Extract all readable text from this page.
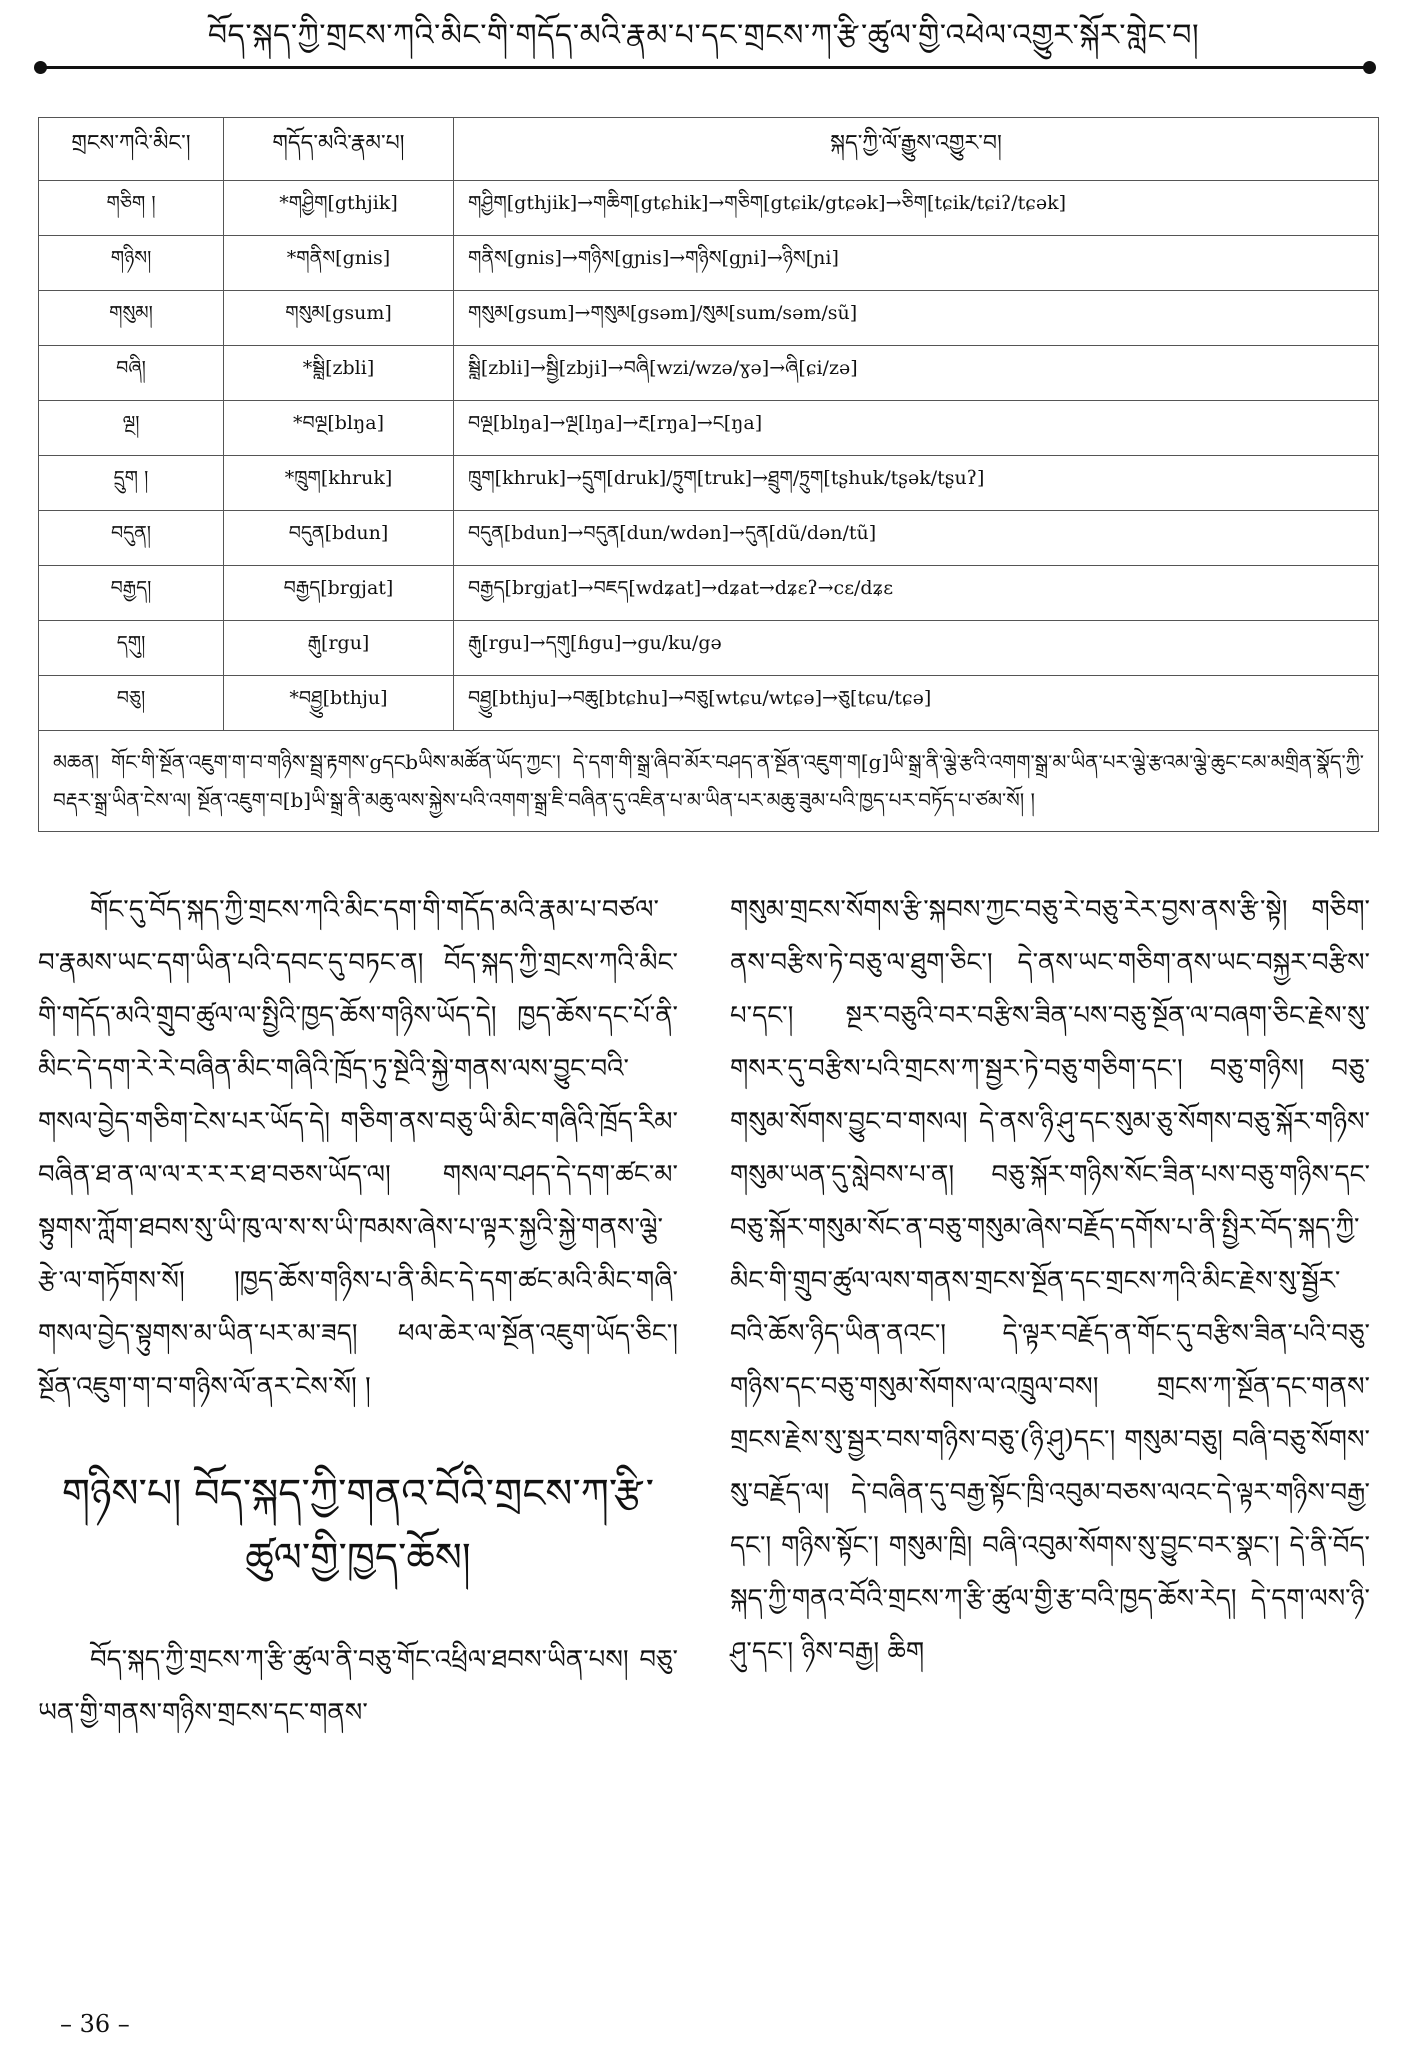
བོད་སྐད་ཀྱི་གྲངས་ཀའི་མིང་གི་གདོད་མའི་རྣམ་པ་དང་གྲངས་ཀ་རྩི་ཚུལ་གྱི་འཕེལ་འགྱུར་སྐོར་གླེང་བ།
གྲངས་ཀའི་མིང་།	གདོད་མའི་རྣམ་པ།	སྐད་ཀྱི་ལོ་རྒྱུས་འགྱུར་བ།
གཅིག །	*གཤྱིག[gthjik]	གཤྱིག[gthjik]→གཆིག[gtɕhik]→གཅིག[gtɕik/gtɕək]→ཅིག[tɕik/tɕiʔ/tɕək]
གཉིས།	*གནིས[gnis]	གནིས[gnis]→གཉིས[gɲis]→གཉིས[gɲi]→ཉིས[ɲi]
གསུམ།	གསུམ[gsum]	གསུམ[gsum]→གསུམ[gsəm]/སུམ[sum/səm/sũ]
བཞི།	*སྦླི[zbli]	སྦླི[zbli]→སྦྱི[zbji]→བཞི[wzi/wzə/ɣə]→ཞི[ɕi/zə]
ལྔ།	*བལྔ[blŋa]	བལྔ[blŋa]→ལྔ[lŋa]→རྔ[rŋa]→ང[ŋa]
དྲུག །	*ཁྲུག[khruk]	ཁྲུག[khruk]→དྲུག[druk]/ཏྲུག[truk]→ཐྲུག/ཏྲུག[tʂhuk/tʂək/tʂuʔ]
བདུན།	བདུན[bdun]	བདུན[bdun]→བདུན[dun/wdən]→དུན[dũ/dən/tũ]
བརྒྱད།	བརྒྱད[brgjat]	བརྒྱད[brgjat]→བཇད[wdʑat]→dʑat→dʑɛʔ→cɛ/dʑɛ
དགུ།	རྒུ[rgu]	རྒུ[rgu]→དགུ[ɦgu]→gu/ku/gə
བཅུ།	*བཐྱུ[bthju]	བཐྱུ[bthju]→བཆུ[btɕhu]→བཅུ[wtɕu/wtɕə]→ཅུ[tɕu/tɕə]
མཆན། གོང་གི་སྔོན་འཇུག་ག་བ་གཉིས་སྦྲ་རྟགས་gདངbཡིས་མཚོན་ཡོད་ཀྱང་། དེ་དག་གི་སྒྲ་ཞིབ་མོར་བཤད་ན་སྔོན་འཇུག་ག[g]ཡི་སྒྲ་ནི་ལྕེ་རྩའི་འགག་སྒྲ་མ་ཡིན་པར་ལྕེ་རྩའམ་ལྕེ་ཆུང་ངམ་མགྲིན་སྣོད་ཀྱི་བརྡར་སྒྲ་ཡིན་ངེས་ལ། སྔོན་འཇུག་བ[b]ཡི་སྒྲ་ནི་མཆུ་ལས་སྐྱེས་པའི་འགག་སྒྲ་ཇི་བཞིན་དུ་འཇིན་པ་མ་ཡིན་པར་མཆུ་ཟུམ་པའི་ཁྱད་པར་བཏོད་པ་ཙམ་སོ། །		

གོང་དུ་བོད་སྐད་ཀྱི་གྲངས་ཀའི་མིང་དག་གི་གདོད་མའི་རྣམ་པ་བཙལ་བ་རྣམས་ཡང་དག་ཡིན་པའི་དབང་དུ་བཏང་ན། བོད་སྐད་ཀྱི་གྲངས་ཀའི་མིང་གི་གདོད་མའི་གྲུབ་ཚུལ་ལ་སྤྱིའི་ཁྱད་ཆོས་གཉིས་ཡོད་དེ། ཁྱད་ཆོས་དང་པོ་ནི་མིང་དེ་དག་རེ་རེ་བཞིན་མིང་གཞིའི་ཁྲོད་ཏུ་སྔེའི་སྐྱེ་གནས་ལས་བྱུང་བའི་གསལ་བྱེད་གཅིག་ངེས་པར་ཡོད་དེ། གཅིག་ནས་བཅུ་ཡི་མིང་གཞིའི་ཁྲོད་རིམ་བཞིན་ཐ་ན་ལ་ལ་ར་ར་ར་ཐ་བཅས་ཡོད་ལ། གསལ་བཤད་དེ་དག་ཚང་མ་སྟུགས་ཀློག་ཐབས་སུ་ཡི་ཁུ་ལ་ས་ས་ཡི་ཁམས་ཞེས་པ་ལྟར་སྐྱའི་སྐྱེ་གནས་ལྕེ་རྩེ་ལ་གཏོགས་སོ། །ཁྱད་ཆོས་གཉིས་པ་ནི་མིང་དེ་དག་ཚང་མའི་མིང་གཞི་གསལ་བྱེད་སྟུགས་མ་ཡིན་པར་མ་ཟད། ཕལ་ཆེར་ལ་སྔོན་འཇུག་ཡོད་ཅིང་། སྔོན་འཇུག་ག་བ་གཉིས་ལོ་ནར་ངེས་སོ། །

གཉིས་པ། བོད་སྐད་ཀྱི་གནའ་བོའི་གྲངས་ཀ་རྩི་ཚུལ་གྱི་ཁྱད་ཆོས།

བོད་སྐད་ཀྱི་གྲངས་ཀ་རྩི་ཚུལ་ནི་བཅུ་གོང་འཕྲིལ་ཐབས་ཡིན་པས། བཅུ་ཡན་གྱི་གནས་གཉིས་གྲངས་དང་གནས་

གསུམ་གྲངས་སོགས་རྩི་སྐབས་ཀྱང་བཅུ་རེ་བཅུ་རེར་བྱས་ནས་རྩི་སྟེ། གཅིག་ནས་བརྩིས་ཏེ་བཅུ་ལ་ཐུག་ཅིང་། དེ་ནས་ཡང་གཅིག་ནས་ཡང་བསྐྱར་བརྩིས་པ་དང་། སྔར་བཅུའི་བར་བརྩིས་ཟིན་པས་བཅུ་སྔོན་ལ་བཞག་ཅིང་རྗེས་སུ་གསར་དུ་བརྩིས་པའི་གྲངས་ཀ་སྦྱར་ཏེ་བཅུ་གཅིག་དང་། བཅུ་གཉིས། བཅུ་གསུམ་སོགས་བྱུང་བ་གསལ། དེ་ནས་ཉི་ཤུ་དང་སུམ་ཅུ་སོགས་བཅུ་སྐོར་གཉིས་གསུམ་ཡན་དུ་སླེབས་པ་ན། བཅུ་སྐོར་གཉིས་སོང་ཟིན་པས་བཅུ་གཉིས་དང་བཅུ་སྐོར་གསུམ་སོང་ན་བཅུ་གསུམ་ཞེས་བརྗོད་དགོས་པ་ནི་སྤྱིར་བོད་སྐད་ཀྱི་མིང་གི་གྲུབ་ཚུལ་ལས་གནས་གྲངས་སྔོན་དང་གྲངས་ཀའི་མིང་རྗེས་སུ་སྦྱོར་བའི་ཆོས་ཉིད་ཡིན་ནའང་། དེ་ལྟར་བརྗོད་ན་གོང་དུ་བརྩིས་ཟིན་པའི་བཅུ་གཉིས་དང་བཅུ་གསུམ་སོགས་ལ་འཁྲུལ་བས། གྲངས་ཀ་སྔོན་དང་གནས་གྲངས་རྗེས་སུ་སྦྱར་བས་གཉིས་བཅུ་(ཉི་ཤུ)དང་། གསུམ་བཅུ། བཞི་བཅུ་སོགས་སུ་བརྗོད་ལ། དེ་བཞིན་དུ་བརྒྱ་སྟོང་ཁྲི་འབུམ་བཅས་ལའང་དེ་ལྟར་གཉིས་བརྒྱ་དང་། གཉིས་སྟོང་། གསུམ་ཁྲི། བཞི་འབུམ་སོགས་སུ་བྱུང་བར་སྣང་། དེ་ནི་བོད་སྐད་ཀྱི་གནའ་བོའི་གྲངས་ཀ་རྩི་ཚུལ་གྱི་རྩ་བའི་ཁྱད་ཆོས་རེད། དེ་དག་ལས་ཉི་ཤུ་དང་། ཉིས་བརྒྱ། ཆིག

– 36 –
